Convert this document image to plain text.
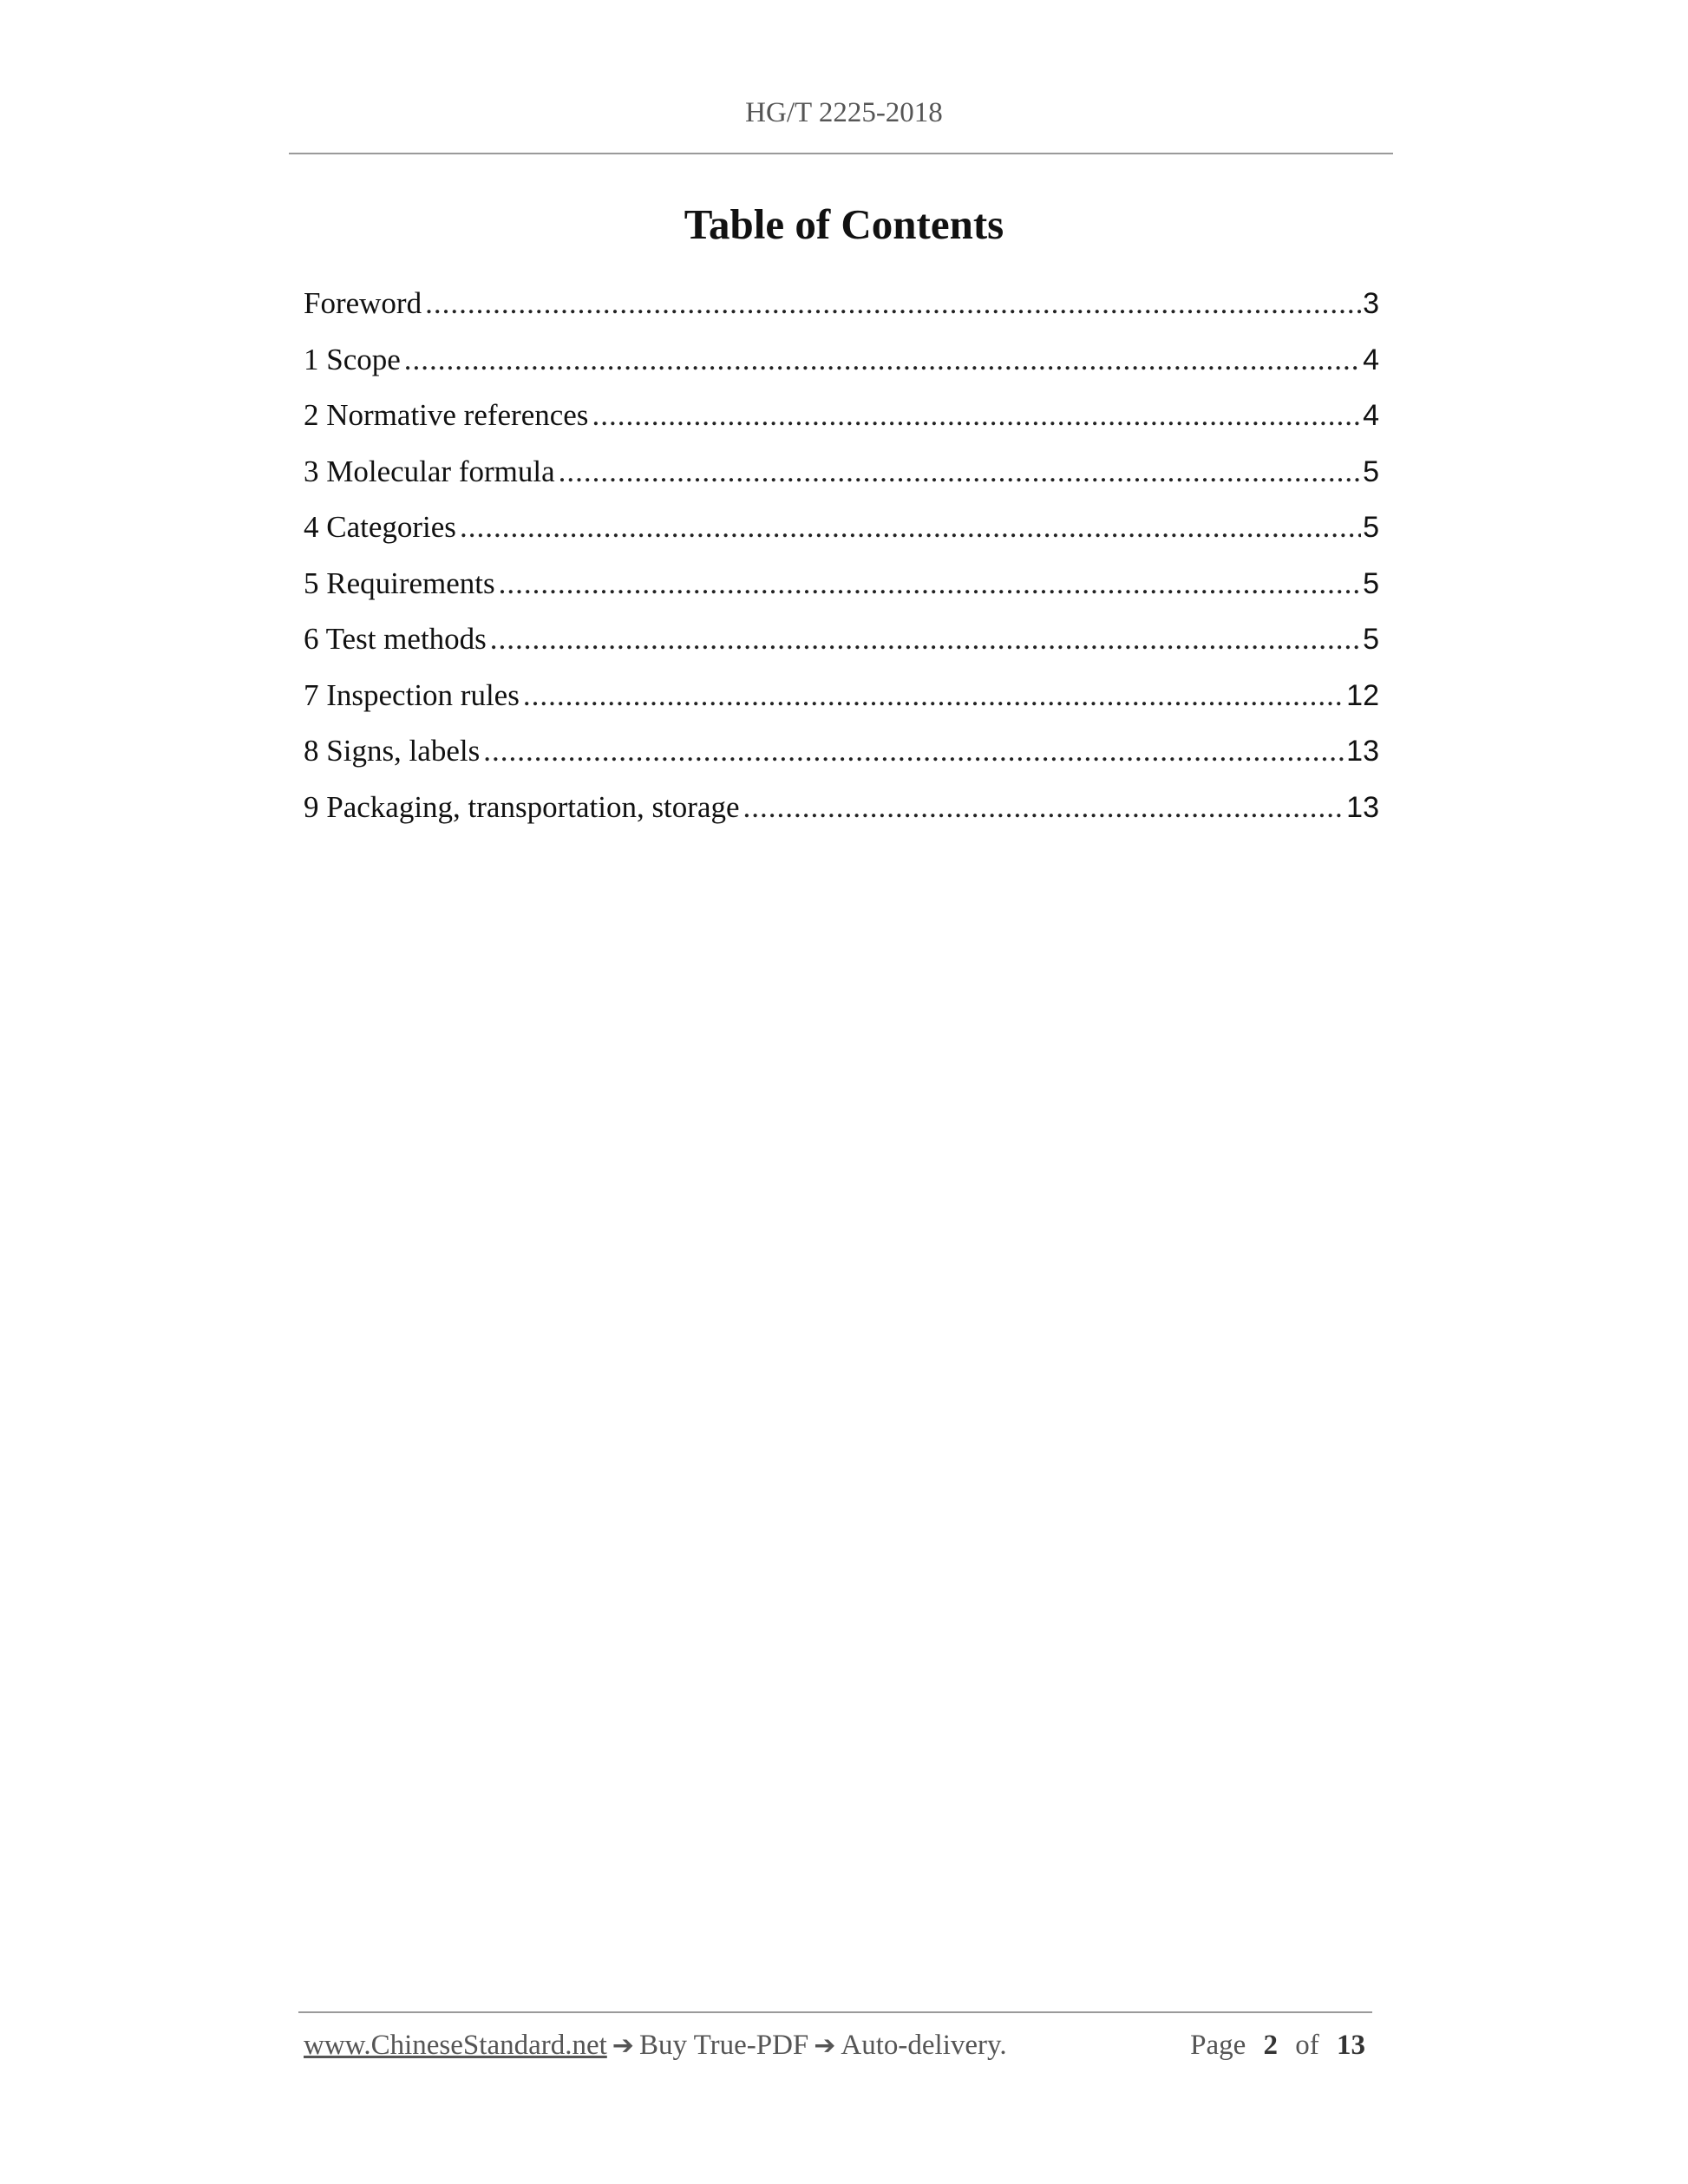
HG/T 2225-2018
Table of Contents
Foreword .....	3
1 Scope .....	4
2 Normative references .....	4
3 Molecular formula .....	5
4 Categories .....	5
5 Requirements .....	5
6 Test methods .....	5
7 Inspection rules .....	12
8 Signs, labels .....	13
9 Packaging, transportation, storage .....	13
www.ChineseStandard.net ➔ Buy True-PDF ➔ Auto-delivery.	Page 2 of 13
